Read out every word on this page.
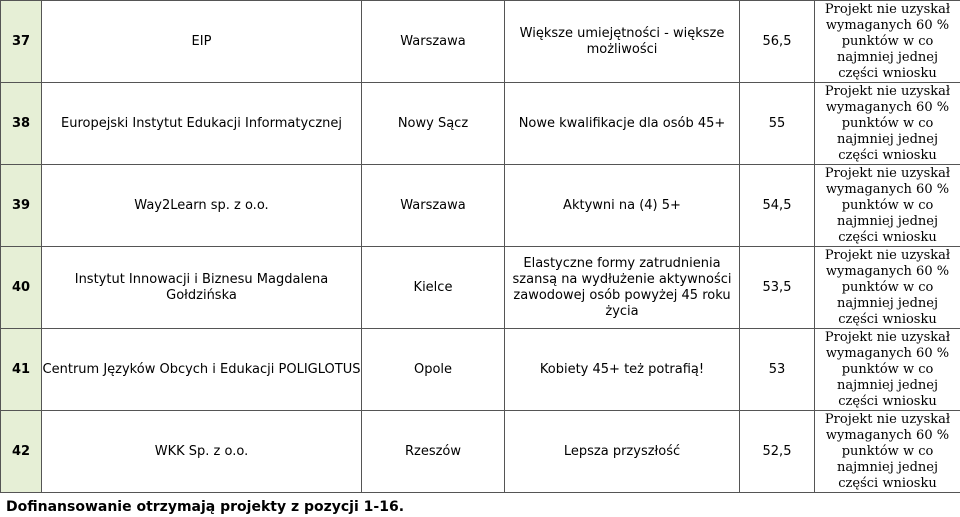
37	EIP	Warszawa	Większe umiejętności - większe możliwości	56,5	Projekt nie uzyskał wymaganych 60 % punktów w co najmniej jednej części wniosku
38	Europejski Instytut Edukacji Informatycznej	Nowy Sącz	Nowe kwalifikacje dla osób 45+	55	Projekt nie uzyskał wymaganych 60 % punktów w co najmniej jednej części wniosku
39	Way2Learn sp. z o.o.	Warszawa	Aktywni na (4) 5+	54,5	Projekt nie uzyskał wymaganych 60 % punktów w co najmniej jednej części wniosku
40	Instytut Innowacji i Biznesu Magdalena Gołdzińska	Kielce	Elastyczne formy zatrudnienia szansą na wydłużenie aktywności zawodowej osób powyżej 45 roku życia	53,5	Projekt nie uzyskał wymaganych 60 % punktów w co najmniej jednej części wniosku
41	Centrum Języków Obcych i Edukacji POLIGLOTUS	Opole	Kobiety 45+ też potrafią!	53	Projekt nie uzyskał wymaganych 60 % punktów w co najmniej jednej części wniosku
42	WKK Sp. z o.o.	Rzeszów	Lepsza przyszłość	52,5	Projekt nie uzyskał wymaganych 60 % punktów w co najmniej jednej części wniosku
Dofinansowanie otrzymają projekty z pozycji 1-16.
